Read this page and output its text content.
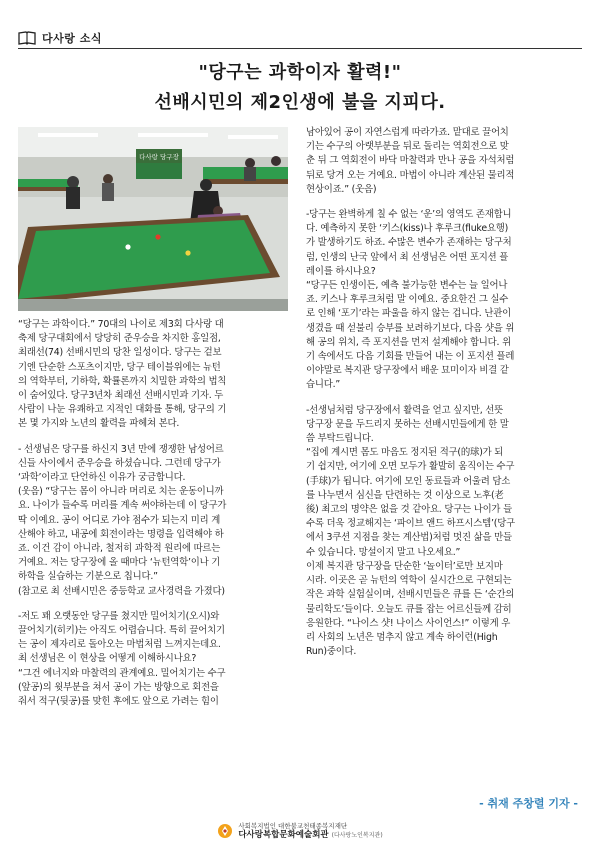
다사랑 소식
"당구는 과학이자 활력!"
선배시민의 제2인생에 불을 지피다.
다사랑 당구장

“당구는 과학이다.” 70대의 나이로 제3회 다사랑 대
축제 당구대회에서 당당히 준우승을 차지한 홍일점,
최래선(74) 선배시민의 당찬 일성이다. 당구는 겉보
기엔 단순한 스포츠이지만, 당구 테이블위에는 뉴턴
의 역학부터, 기하학, 확률론까지 치밀한 과학의 법칙
이 숨어있다. 당구3년차 최래선 선배시민과 기자. 두
사람이 나눈 유쾌하고 지적인 대화를 통해, 당구의 기
본 몇 가지와 노년의 활력을 파헤쳐 본다.

- 선생님은 당구를 하신지 3년 만에 쟁쟁한 남성어르
신들 사이에서 준우승을 하셨습니다. 그런데 당구가
‘과학’이라고 단언하신 이유가 궁금합니다.
(웃음) “당구는 몸이 아니라 머리로 치는 운동이니까
요. 나이가 들수록 머리를 계속 써야하는데 이 당구가
딱 이예요. 공이 어디로 가야 점수가 되는지 미리 계
산해야 하고, 내공에 회전이라는 명령을 입력해야 하
죠. 이건 감이 아니라, 철저히 과학적 원리에 따르는
거예요. 저는 당구장에 올 때마다 ‘뉴턴역학’이나 기
하학을 실습하는 기분으로 칩니다.”
(참고로 최 선배시민은 중등학교 교사경력을 가졌다)

-저도 꽤 오랫동안 당구를 쳤지만 밀어치기(오시)와
끌어치기(히키)는 아직도 어렵습니다. 특히 끌어치기
는 공이 제자리로 돌아오는 마법처럼 느껴지는데요.
최 선생님은 이 현상을 어떻게 이해하시나요?
“그건 에너지와 마찰력의 관계예요. 밀어치기는 수구
(앞공)의 윗부분을 쳐서 공이 가는 방향으로 회전을
줘서 적구(뒷공)를 맞힌 후에도 앞으로 가려는 힘이

남아있어 공이 자연스럽게 따라가죠. 맡대로 끌어치
기는 수구의 아랫부분을 뒤로 돌리는 역회전으로 맞
춘 뒤 그 역회전이 바닥 마찰력과 만나 공을 자석처럼
뒤로 당겨 오는 거예요. 마법이 아니라 계산된 물리적
현상이죠.” (웃음)

-당구는 완벽하게 칠 수 없는 ‘운’의 영역도 존재합니
다. 예측하지 못한 ‘키스(kiss)나 후루크(fluke요행)
가 발생하기도 하죠. 수많은 변수가 존재하는 당구처
럼, 인생의 난국 앞에서 최 선생님은 어떤 포지션 플
레이를 하시나요?
“당구든 인생이든, 예측 불가능한 변수는 늘 일어나
죠. 키스나 후루크처럼 말 이예요. 중요한건 그 실수
로 인해 ‘포기’라는 파울을 하지 않는 겁니다. 난관이
생겼을 때 섣불리 승부를 보려하기보다, 다음 샷을 위
해 공의 위치, 즉 포지션을 먼저 설계해야 합니다. 위
기 속에서도 다음 기회를 만들어 내는 이 포지션 플레
이야말로 복지관 당구장에서 배운 묘미이자 비결 같
습니다.”

-선생님처럼 당구장에서 활력을 얻고 싶지만, 선뜻
당구장 문을 두드리지 못하는 선배시민들에게 한 말
씀 부탁드립니다.
“집에 계시면 몸도 마음도 정지된 적구(的球)가 되
기 쉽지만, 여기에 오면 모두가 활발히 움직이는 수구
(手球)가 됩니다. 여기에 모인 동료들과 어울려 담소
를 나누면서 심신을 단련하는 것 이상으로 노후(老
後) 최고의 명약은 없을 것 같아요. 당구는 나이가 들
수록 더욱 정교해지는 ‘파이브 앤드 하프시스템’(당구
에서 3쿠션 지점을 찾는 계산법)처럼 멋진 삶을 만들
수 있습니다. 망설이지 말고 나오세요.”
이제 복지관 당구장을 단순한 ‘놀이터’로만 보지마
시라. 이곳은 곧 뉴턴의 역학이 실시간으로 구현되는
작은 과학 실험실이며, 선배시민들은 큐를 든 ‘순간의
물리학도’들이다. 오늘도 큐를 잡는 어르신들께 감히
응원한다. “나이스 샷! 나이스 사이언스!” 이렇게 우
리 사회의 노년은 멈추지 않고 계속 하이런(High
Run)중이다.

- 취재 주창렬 기자 -
사회복지법인 대한불교천태종복지재단
다사랑복합문화예술회관 (다사랑노인복지관)
